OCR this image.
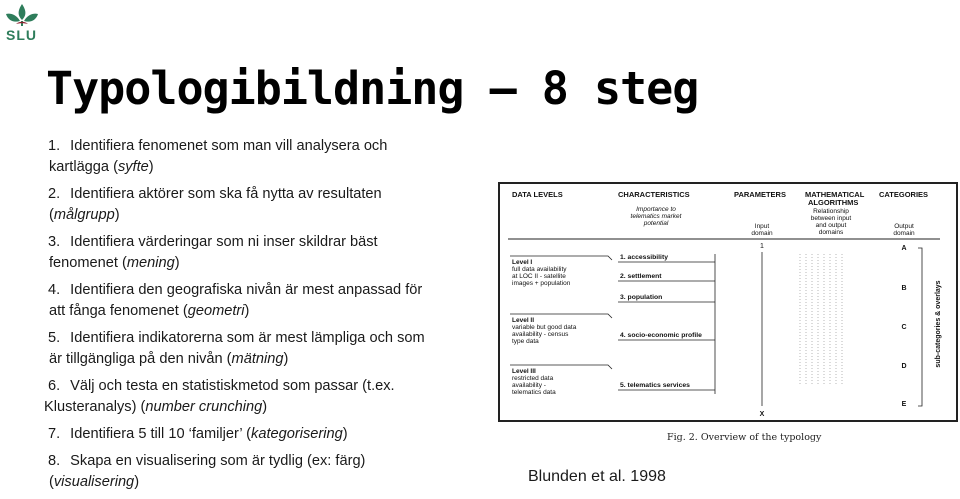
SLU
Typologibildning – 8 steg
1. Identifiera fenomenet som man vill analysera och
kartlägga (syfte)
2. Identifiera aktörer som ska få nytta av resultaten
(målgrupp)
3. Identifiera värderingar som ni inser skildrar bäst
fenomenet (mening)
4. Identifiera den geografiska nivån är mest anpassad för
att fånga fenomenet (geometri)
5. Identifiera indikatorerna som är mest lämpliga och som
är tillgängliga på den nivån (mätning)
6. Välj och testa en statistiskmetod som passar (t.ex.
Klusteranalys) (number crunching)
7. Identifiera 5 till 10 ‘familjer’ (kategorisering)
8. Skapa en visualisering som är tydlig (ex: färg)
(visualisering)
DATA LEVELS	CHARACTERISTICS	PARAMETERS	MATHEMATICAL
ALGORITHMS
CATEGORIES
Importance to
telematics market
potential	Input
domain
Relationship
between input
and output
domains
Output
domain
Level I
full data availability
at LOC II - satellite
images + population
Level II
variable but good data
availability - census
type data
Level III
restricted data
availability -
telematics data
1. accessibility
2. settlement
3. population
4. socio-economic profile
5. telematics services
1
X
A
B
C
D
E
sub-categories & overlays
Fig. 2. Overview of the typology
Blunden et al. 1998
